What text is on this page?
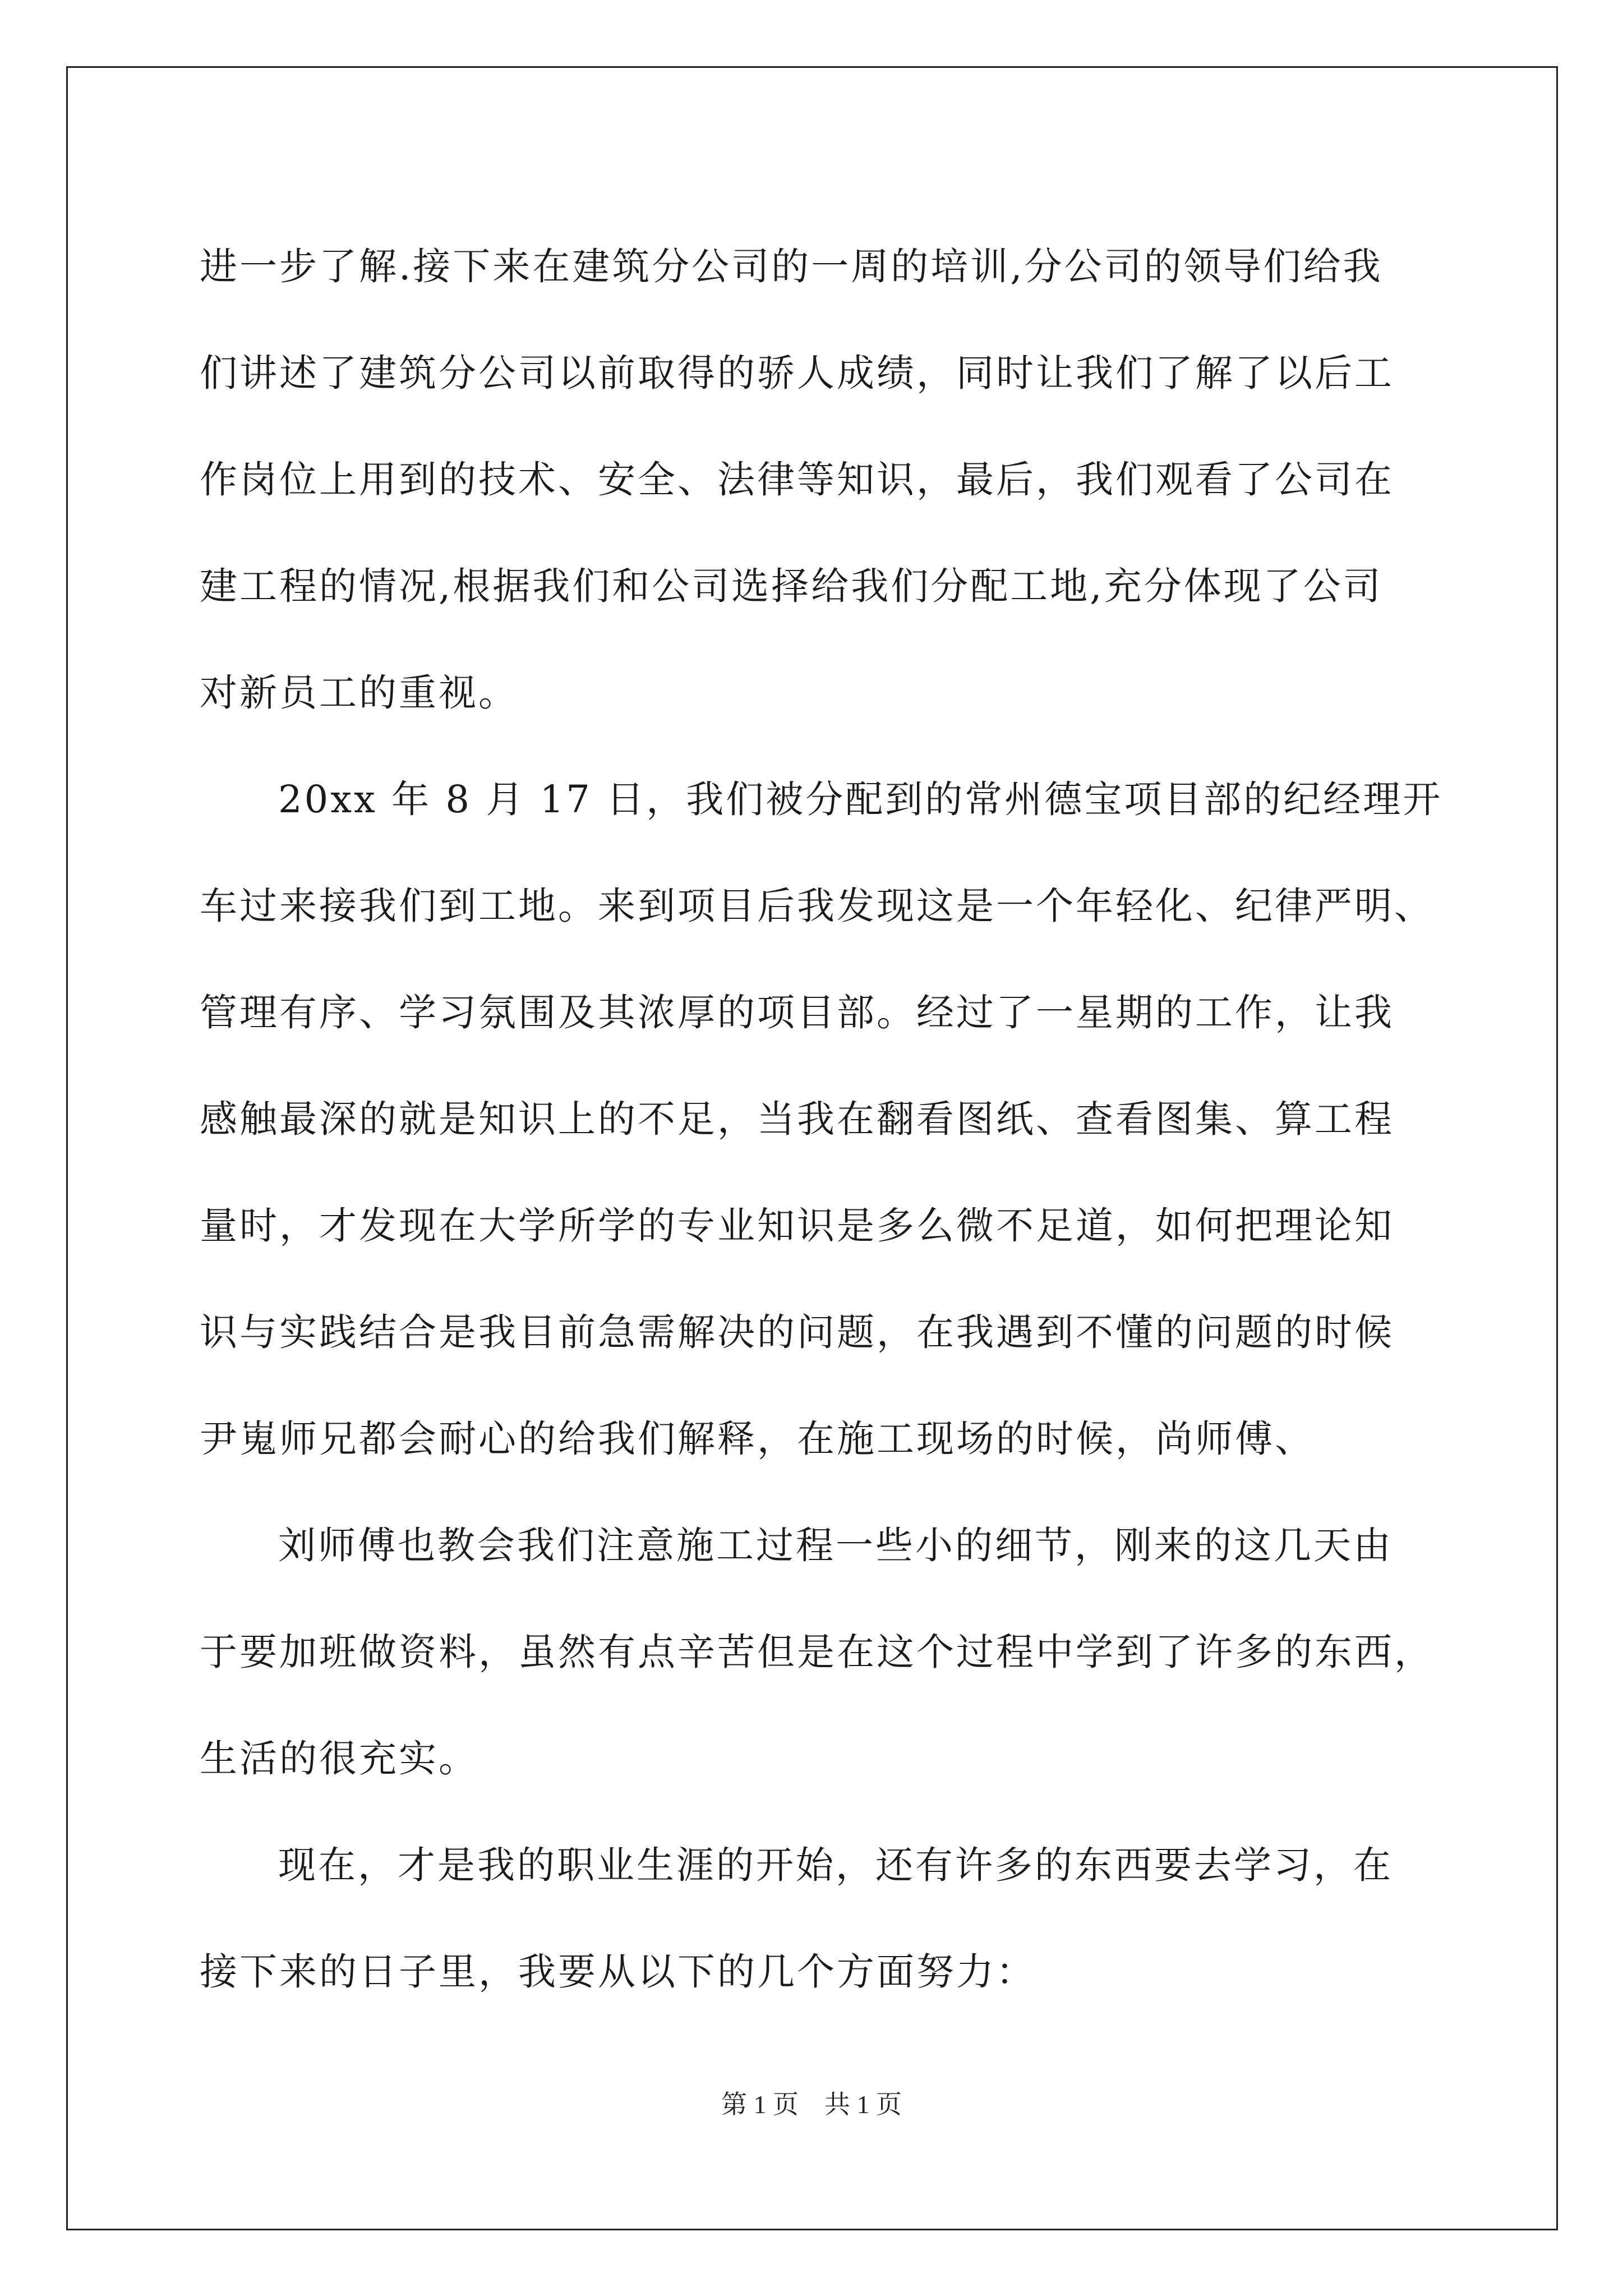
进一步了解.接下来在建筑分公司的一周的培训,分公司的领导们给我
们讲述了建筑分公司以前取得的骄人成绩，同时让我们了解了以后工
作岗位上用到的技术、安全、法律等知识，最后，我们观看了公司在
建工程的情况,根据我们和公司选择给我们分配工地,充分体现了公司
对新员工的重视。
20xx 年 8 月 17 日，我们被分配到的常州德宝项目部的纪经理开
车过来接我们到工地。来到项目后我发现这是一个年轻化、纪律严明、
管理有序、学习氛围及其浓厚的项目部。经过了一星期的工作，让我
感触最深的就是知识上的不足，当我在翻看图纸、查看图集、算工程
量时，才发现在大学所学的专业知识是多么微不足道，如何把理论知
识与实践结合是我目前急需解决的问题，在我遇到不懂的问题的时候
尹嵬师兄都会耐心的给我们解释，在施工现场的时候，尚师傅、
刘师傅也教会我们注意施工过程一些小的细节，刚来的这几天由
于要加班做资料，虽然有点辛苦但是在这个过程中学到了许多的东西，
生活的很充实。
现在，才是我的职业生涯的开始，还有许多的东西要去学习，在
接下来的日子里，我要从以下的几个方面努力：
第 1 页　共 1 页
